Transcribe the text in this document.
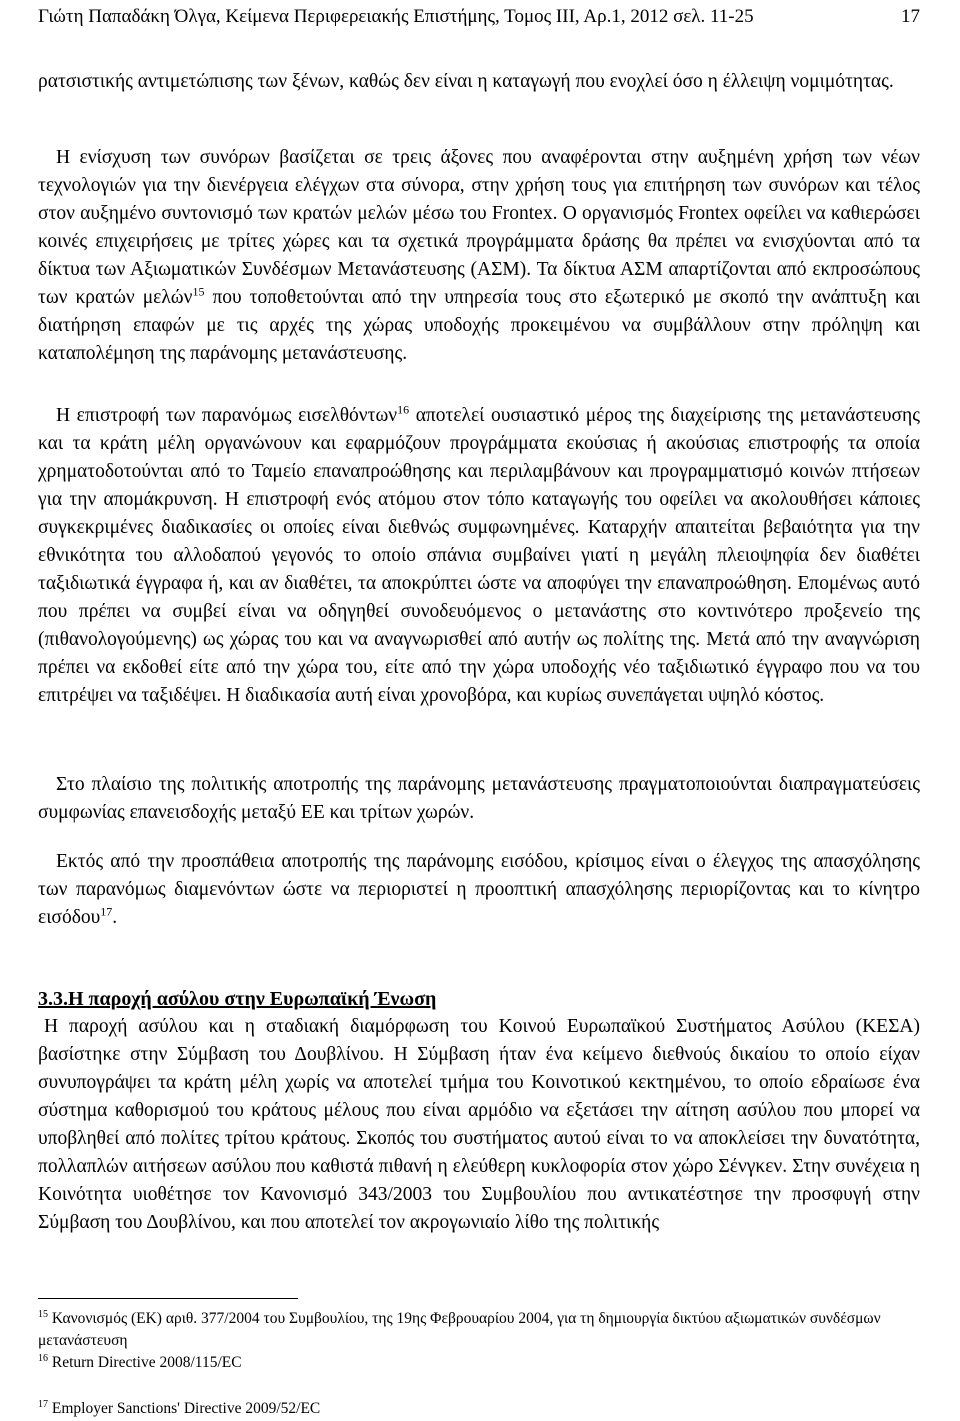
Γιώτη Παπαδάκη Όλγα, Κείμενα Περιφερειακής Επιστήμης, Τομος ΙΙΙ, Αρ.1, 2012 σελ. 11-25	17

ρατσιστικής αντιμετώπισης των ξένων, καθώς δεν είναι η καταγωγή που ενοχλεί όσο η έλλειψη νομιμότητας.

Η ενίσχυση των συνόρων βασίζεται σε τρεις άξονες που αναφέρονται στην αυξημένη χρήση των νέων τεχνολογιών για την διενέργεια ελέγχων στα σύνορα, στην χρήση τους για επιτήρηση των συνόρων και τέλος στον αυξημένο συντονισμό των κρατών μελών μέσω του Frontex. Ο οργανισμός Frontex οφείλει να καθιερώσει κοινές επιχειρήσεις με τρίτες χώρες και τα σχετικά προγράμματα δράσης θα πρέπει να ενισχύονται από τα δίκτυα των Αξιωματικών Συνδέσμων Μετανάστευσης (ΑΣΜ). Τα δίκτυα ΑΣΜ απαρτίζονται από εκπροσώπους των κρατών μελών$^{15}$ που τοποθετούνται από την υπηρεσία τους στο εξωτερικό με σκοπό την ανάπτυξη και διατήρηση επαφών με τις αρχές της χώρας υποδοχής προκειμένου να συμβάλλουν στην πρόληψη και καταπολέμηση της παράνομης μετανάστευσης.

Η επιστροφή των παρανόμως εισελθόντων$^{16}$ αποτελεί ουσιαστικό μέρος της διαχείρισης της μετανάστευσης και τα κράτη μέλη οργανώνουν και εφαρμόζουν προγράμματα εκούσιας ή ακούσιας επιστροφής τα οποία χρηματοδοτούνται από το Ταμείο επαναπροώθησης και περιλαμβάνουν και προγραμματισμό κοινών πτήσεων για την απομάκρυνση. Η επιστροφή ενός ατόμου στον τόπο καταγωγής του οφείλει να ακολουθήσει κάποιες συγκεκριμένες διαδικασίες οι οποίες είναι διεθνώς συμφωνημένες. Καταρχήν απαιτείται βεβαιότητα για την εθνικότητα του αλλοδαπού γεγονός το οποίο σπάνια συμβαίνει γιατί η μεγάλη πλειοψηφία δεν διαθέτει ταξιδιωτικά έγγραφα ή, και αν διαθέτει, τα αποκρύπτει ώστε να αποφύγει την επαναπροώθηση. Επομένως αυτό που πρέπει να συμβεί είναι να οδηγηθεί συνοδευόμενος ο μετανάστης στο κοντινότερο προξενείο της (πιθανολογούμενης) ως χώρας του και να αναγνωρισθεί από αυτήν ως πολίτης της. Μετά από την αναγνώριση πρέπει να εκδοθεί είτε από την χώρα του, είτε από την χώρα υποδοχής νέο ταξιδιωτικό έγγραφο που να του επιτρέψει να ταξιδέψει. Η διαδικασία αυτή είναι χρονοβόρα, και κυρίως συνεπάγεται υψηλό κόστος.

Στο πλαίσιο της πολιτικής αποτροπής της παράνομης μετανάστευσης πραγματοποιούνται διαπραγματεύσεις συμφωνίας επανεισδοχής μεταξύ ΕΕ και τρίτων χωρών.

Εκτός από την προσπάθεια αποτροπής της παράνομης εισόδου, κρίσιμος είναι ο έλεγχος της απασχόλησης των παρανόμως διαμενόντων ώστε να περιοριστεί η προοπτική απασχόλησης περιορίζοντας και το κίνητρο εισόδου$^{17}$.

3.3.Η παροχή ασύλου στην Ευρωπαϊκή Ένωση

Η παροχή ασύλου και η σταδιακή διαμόρφωση του Κοινού Ευρωπαϊκού Συστήματος Ασύλου (ΚΕΣΑ) βασίστηκε στην Σύμβαση του Δουβλίνου. Η Σύμβαση ήταν ένα κείμενο διεθνούς δικαίου το οποίο είχαν συνυπογράψει τα κράτη μέλη χωρίς να αποτελεί τμήμα του Κοινοτικού κεκτημένου, το οποίο εδραίωσε ένα σύστημα καθορισμού του κράτους μέλους που είναι αρμόδιο να εξετάσει την αίτηση ασύλου που μπορεί να υποβληθεί από πολίτες τρίτου κράτους. Σκοπός του συστήματος αυτού είναι το να αποκλείσει την δυνατότητα, πολλαπλών αιτήσεων ασύλου που καθιστά πιθανή η ελεύθερη κυκλοφορία στον χώρο Σένγκεν. Στην συνέχεια η Κοινότητα υιοθέτησε τον Κανονισμό 343/2003 του Συμβουλίου που αντικατέστησε την προσφυγή στην Σύμβαση του Δουβλίνου, και που αποτελεί τον ακρογωνιαίο λίθο της πολιτικής

$^{15}$ Κανονισμός (ΕΚ) αριθ. 377/2004 του Συμβουλίου, της 19ης Φεβρουαρίου 2004, για τη δημιουργία δικτύου αξιωματικών συνδέσμων μετανάστευση

$^{16}$ Return Directive 2008/115/EC

$^{17}$ Employer Sanctions' Directive 2009/52/EC
